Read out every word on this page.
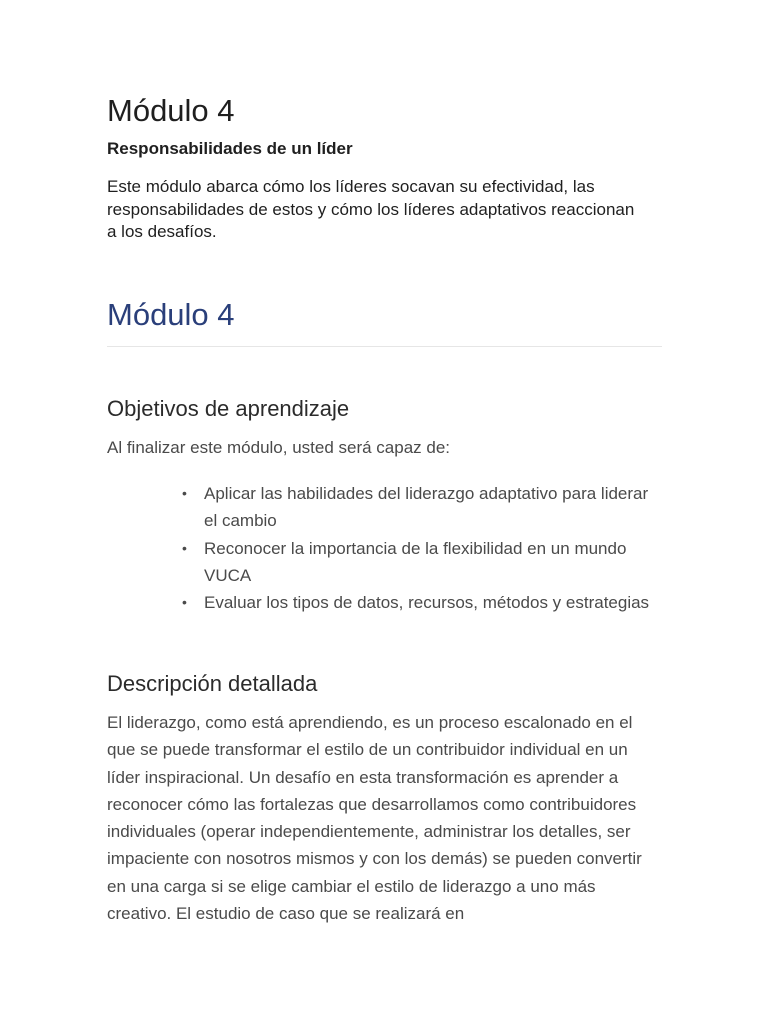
Módulo 4
Responsabilidades de un líder

Este módulo abarca cómo los líderes socavan su efectividad, las responsabilidades de estos y cómo los líderes adaptativos reaccionan a los desafíos.

Módulo 4
Objetivos de aprendizaje

Al finalizar este módulo, usted será capaz de:

• Aplicar las habilidades del liderazgo adaptativo para liderar el cambio
• Reconocer la importancia de la flexibilidad en un mundo VUCA
• Evaluar los tipos de datos, recursos, métodos y estrategias
Descripción detallada

El liderazgo, como está aprendiendo, es un proceso escalonado en el que se puede transformar el estilo de un contribuidor individual en un líder inspiracional. Un desafío en esta transformación es aprender a reconocer cómo las fortalezas que desarrollamos como contribuidores individuales (operar independientemente, administrar los detalles, ser impaciente con nosotros mismos y con los demás) se pueden convertir en una carga si se elige cambiar el estilo de liderazgo a uno más creativo. El estudio de caso que se realizará en
